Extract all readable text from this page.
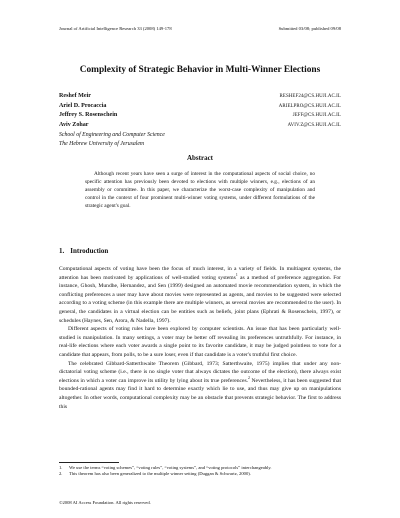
Journal of Artificial Intelligence Research 33 (2008) 149-178	Submitted 03/08; published 09/08
Complexity of Strategic Behavior in Multi-Winner Elections
Reshef Meir	RESHEF24@CS.HUJI.AC.IL
Ariel D. Procaccia	ARIELPRO@CS.HUJI.AC.IL
Jeffrey S. Rosenschein	JEFF@CS.HUJI.AC.IL
Aviv Zohar	AVIV.Z@CS.HUJI.AC.IL
School of Engineering and Computer Science
The Hebrew University of Jerusalem
Abstract

Although recent years have seen a surge of interest in the computational aspects of social choice, no specific attention has previously been devoted to elections with multiple winners, e.g., elections of an assembly or committee. In this paper, we characterize the worst-case complexity of manipulation and control in the context of four prominent multi-winner voting systems, under different formulations of the strategic agent's goal.

1. Introduction

Computational aspects of voting have been the focus of much interest, in a variety of fields. In multiagent systems, the attention has been motivated by applications of well-studied voting systems$^1$ as a method of preference aggregation. For instance, Ghosh, Mundhe, Hernandez, and Sen (1999) designed an automated movie recommendation system, in which the conflicting preferences a user may have about movies were represented as agents, and movies to be suggested were selected according to a voting scheme (in this example there are multiple winners, as several movies are recommended to the user). In general, the candidates in a virtual election can be entities such as beliefs, joint plans (Ephrati & Rosenschein, 1997), or schedules (Haynes, Sen, Arora, & Nadella, 1997).

Different aspects of voting rules have been explored by computer scientists. An issue that has been particularly well-studied is manipulation. In many settings, a voter may be better off revealing its preferences untruthfully. For instance, in real-life elections where each voter awards a single point to its favorite candidate, it may be judged pointless to vote for a candidate that appears, from polls, to be a sure loser, even if that candidate is a voter's truthful first choice.

The celebrated Gibbard-Satterthwaite Theorem (Gibbard, 1973; Satterthwaite, 1975) implies that under any non-dictatorial voting scheme (i.e., there is no single voter that always dictates the outcome of the election), there always exist elections in which a voter can improve its utility by lying about its true preferences.$^2$ Nevertheless, it has been suggested that bounded-rational agents may find it hard to determine exactly which lie to use, and thus may give up on manipulations altogether. In other words, computational complexity may be an obstacle that prevents strategic behavior. The first to address this

1.	We use the terms “voting schemes”, “voting rules”, “voting systems”, and “voting protocols” interchangeably.
2.	This theorem has also been generalized to the multiple winner setting (Duggan & Schwartz, 2000).
©2008 AI Access Foundation. All rights reserved.
